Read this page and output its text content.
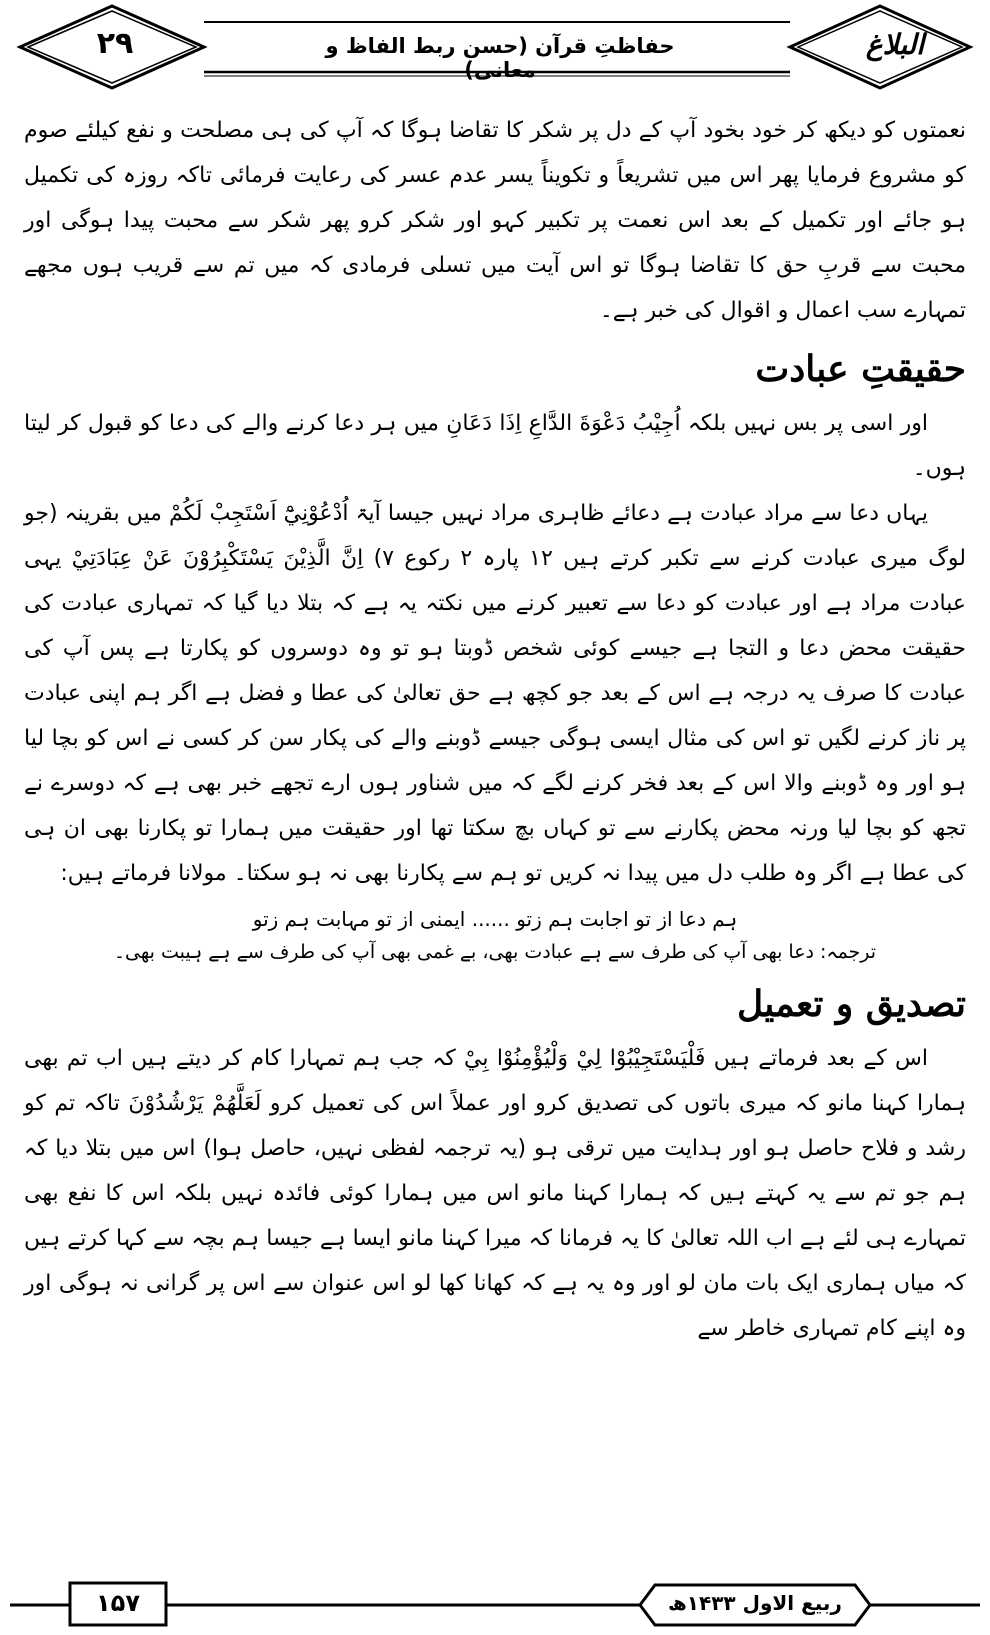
۲۹	حفاظتِ قرآن (حسن ربط الفاظ و معانی)
البلاغ

نعمتوں کو دیکھ کر خود بخود آپ کے دل پر شکر کا تقاضا ہوگا کہ آپ کی ہی مصلحت و نفع کیلئے صوم کو مشروع فرمایا پھر اس میں تشریعاً و تکویناً یسر عدم عسر کی رعایت فرمائی تاکہ روزہ کی تکمیل ہو جائے اور تکمیل کے بعد اس نعمت پر تکبیر کہو اور شکر کرو پھر شکر سے محبت پیدا ہوگی اور محبت سے قربِ حق کا تقاضا ہوگا تو اس آیت میں تسلی فرمادی کہ میں تم سے قریب ہوں مجھے تمہارے سب اعمال و اقوال کی خبر ہے۔

حقیقتِ عبادت

اور اسی پر بس نہیں بلکہ اُجِيْبُ دَعْوَةَ الدَّاعِ اِذَا دَعَانِ میں ہر دعا کرنے والے کی دعا کو قبول کر لیتا ہوں۔

یہاں دعا سے مراد عبادت ہے دعائے ظاہری مراد نہیں جیسا آیۃ اُدْعُوْنِيْٓ اَسْتَجِبْ لَكُمْ میں بقرینہ (جو لوگ میری عبادت کرنے سے تکبر کرتے ہیں ۱۲ پارہ ۲ رکوع ۷) اِنَّ الَّذِيْنَ يَسْتَكْبِرُوْنَ عَنْ عِبَادَتِيْ یہی عبادت مراد ہے اور عبادت کو دعا سے تعبیر کرنے میں نکتہ یہ ہے کہ بتلا دیا گیا کہ تمہاری عبادت کی حقیقت محض دعا و التجا ہے جیسے کوئی شخص ڈوبتا ہو تو وہ دوسروں کو پکارتا ہے پس آپ کی عبادت کا صرف یہ درجہ ہے اس کے بعد جو کچھ ہے حق تعالیٰ کی عطا و فضل ہے اگر ہم اپنی عبادت پر ناز کرنے لگیں تو اس کی مثال ایسی ہوگی جیسے ڈوبنے والے کی پکار سن کر کسی نے اس کو بچا لیا ہو اور وہ ڈوبنے والا اس کے بعد فخر کرنے لگے کہ میں شناور ہوں ارے تجھے خبر بھی ہے کہ دوسرے نے تجھ کو بچا لیا ورنہ محض پکارنے سے تو کہاں بچ سکتا تھا اور حقیقت میں ہمارا تو پکارنا بھی ان ہی کی عطا ہے اگر وہ طلب دل میں پیدا نہ کریں تو ہم سے پکارنا بھی نہ ہو سکتا۔ مولانا فرماتے ہیں:

ہم دعا از تو اجابت ہم زتو ...... ایمنی از تو مہابت ہم زتو
ترجمہ: دعا بھی آپ کی طرف سے ہے عبادت بھی، بے غمی بھی آپ کی طرف سے ہے ہیبت بھی۔
تصدیق و تعمیل

اس کے بعد فرماتے ہیں فَلْيَسْتَجِيْبُوْا لِيْ وَلْيُؤْمِنُوْا بِيْ کہ جب ہم تمہارا کام کر دیتے ہیں اب تم بھی ہمارا کہنا مانو کہ میری باتوں کی تصدیق کرو اور عملاً اس کی تعمیل کرو لَعَلَّهُمْ يَرْشُدُوْنَ تاکہ تم کو رشد و فلاح حاصل ہو اور ہدایت میں ترقی ہو (یہ ترجمہ لفظی نہیں، حاصل ہوا) اس میں بتلا دیا کہ ہم جو تم سے یہ کہتے ہیں کہ ہمارا کہنا مانو اس میں ہمارا کوئی فائدہ نہیں بلکہ اس کا نفع بھی تمہارے ہی لئے ہے اب اللہ تعالیٰ کا یہ فرمانا کہ میرا کہنا مانو ایسا ہے جیسا ہم بچہ سے کہا کرتے ہیں کہ میاں ہماری ایک بات مان لو اور وہ یہ ہے کہ کھانا کھا لو اس عنوان سے اس پر گرانی نہ ہوگی اور وہ اپنے کام تمہاری خاطر سے

۱۵۷	ربیع الاول ۱۴۳۳ھ
